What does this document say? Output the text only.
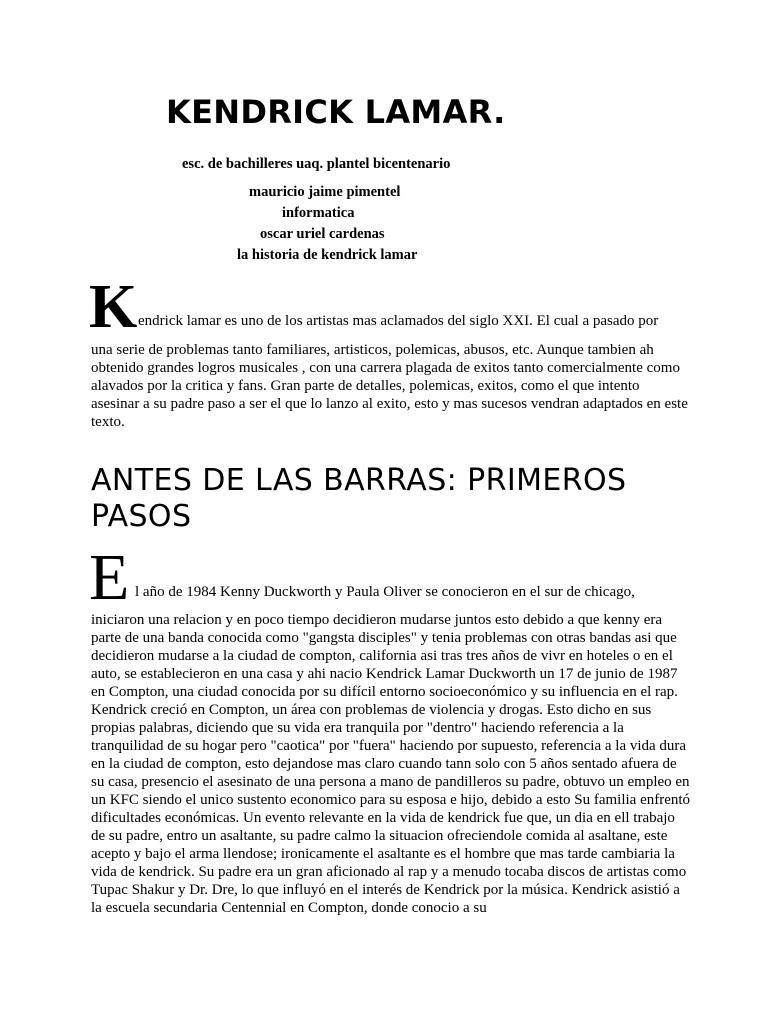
KENDRICK LAMAR.

esc. de bachilleres uaq. plantel bicentenario

mauricio jaime pimentel

informatica

oscar uriel cardenas

la historia de kendrick lamar

K endrick lamar es uno de los artistas mas aclamados del siglo XXI. El cual a pasado por

una serie de problemas tanto familiares, artisticos, polemicas, abusos, etc. Aunque tambien ah obtenido grandes logros musicales , con una carrera plagada de exitos tanto comercialmente como alavados por la critica y fans. Gran parte de detalles, polemicas, exitos, como el que intento asesinar a su padre paso a ser el que lo lanzo al exito, esto y mas sucesos vendran adaptados en este texto.

ANTES DE LAS BARRAS: PRIMEROS PASOS
E l año de 1984 Kenny Duckworth y Paula Oliver se conocieron en el sur de chicago,

iniciaron una relacion y en poco tiempo decidieron mudarse juntos esto debido a que kenny era parte de una banda conocida como "gangsta disciples" y tenia problemas con otras bandas asi que decidieron mudarse a la ciudad de compton, california asi tras tres años de vivr en hoteles o en el auto, se establecieron en una casa y ahi nacio Kendrick Lamar Duckworth un 17 de junio de 1987 en Compton, una ciudad conocida por su difícil entorno socioeconómico y su influencia en el rap. Kendrick creció en Compton, un área con problemas de violencia y drogas. Esto dicho en sus propias palabras, diciendo que su vida era tranquila por "dentro" haciendo referencia a la tranquilidad de su hogar pero "caotica" por "fuera" haciendo por supuesto, referencia a la vida dura en la ciudad de compton, esto dejandose mas claro cuando tann solo con 5 años sentado afuera de su casa, presencio el asesinato de una persona a mano de pandilleros su padre, obtuvo un empleo en un KFC siendo el unico sustento economico para su esposa e hijo, debido a esto Su familia enfrentó dificultades económicas. Un evento relevante en la vida de kendrick fue que, un dia en ell trabajo de su padre, entro un asaltante, su padre calmo la situacion ofreciendole comida al asaltane, este acepto y bajo el arma llendose; ironicamente el asaltante es el hombre que mas tarde cambiaria la vida de kendrick. Su padre era un gran aficionado al rap y a menudo tocaba discos de artistas como Tupac Shakur y Dr. Dre, lo que influyó en el interés de Kendrick por la música. Kendrick asistió a la escuela secundaria Centennial en Compton, donde conocio a su
